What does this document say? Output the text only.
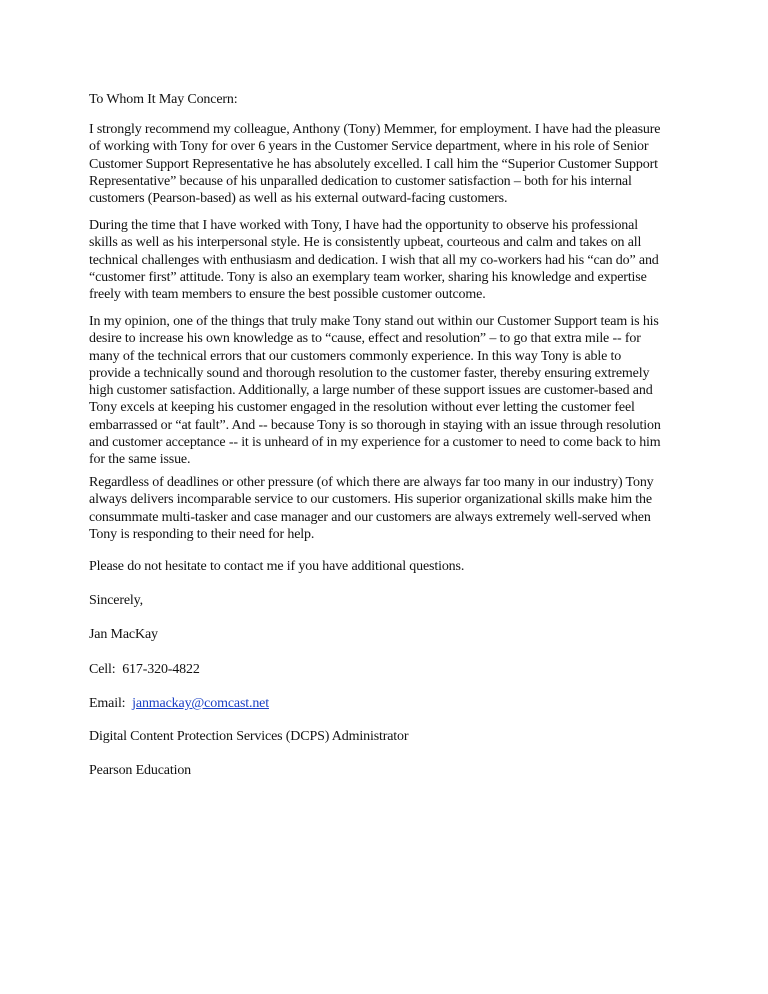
To Whom It May Concern:
I strongly recommend my colleague, Anthony (Tony) Memmer, for employment. I have had the pleasure
of working with Tony for over 6 years in the Customer Service department, where in his role of Senior
Customer Support Representative he has absolutely excelled. I call him the “Superior Customer Support
Representative” because of his unparalled dedication to customer satisfaction – both for his internal
customers (Pearson-based) as well as his external outward-facing customers.
During the time that I have worked with Tony, I have had the opportunity to observe his professional
skills as well as his interpersonal style. He is consistently upbeat, courteous and calm and takes on all
technical challenges with enthusiasm and dedication. I wish that all my co-workers had his “can do” and
“customer first” attitude. Tony is also an exemplary team worker, sharing his knowledge and expertise
freely with team members to ensure the best possible customer outcome.
In my opinion, one of the things that truly make Tony stand out within our Customer Support team is his
desire to increase his own knowledge as to “cause, effect and resolution” – to go that extra mile -- for
many of the technical errors that our customers commonly experience. In this way Tony is able to
provide a technically sound and thorough resolution to the customer faster, thereby ensuring extremely
high customer satisfaction. Additionally, a large number of these support issues are customer-based and
Tony excels at keeping his customer engaged in the resolution without ever letting the customer feel
embarrassed or “at fault”. And -- because Tony is so thorough in staying with an issue through resolution
and customer acceptance -- it is unheard of in my experience for a customer to need to come back to him
for the same issue.
Regardless of deadlines or other pressure (of which there are always far too many in our industry) Tony
always delivers incomparable service to our customers. His superior organizational skills make him the
consummate multi-tasker and case manager and our customers are always extremely well-served when
Tony is responding to their need for help.
Please do not hesitate to contact me if you have additional questions.
Sincerely,
Jan MacKay
Cell: 617-320-4822
Email: janmackay@comcast.net
Digital Content Protection Services (DCPS) Administrator
Pearson Education
